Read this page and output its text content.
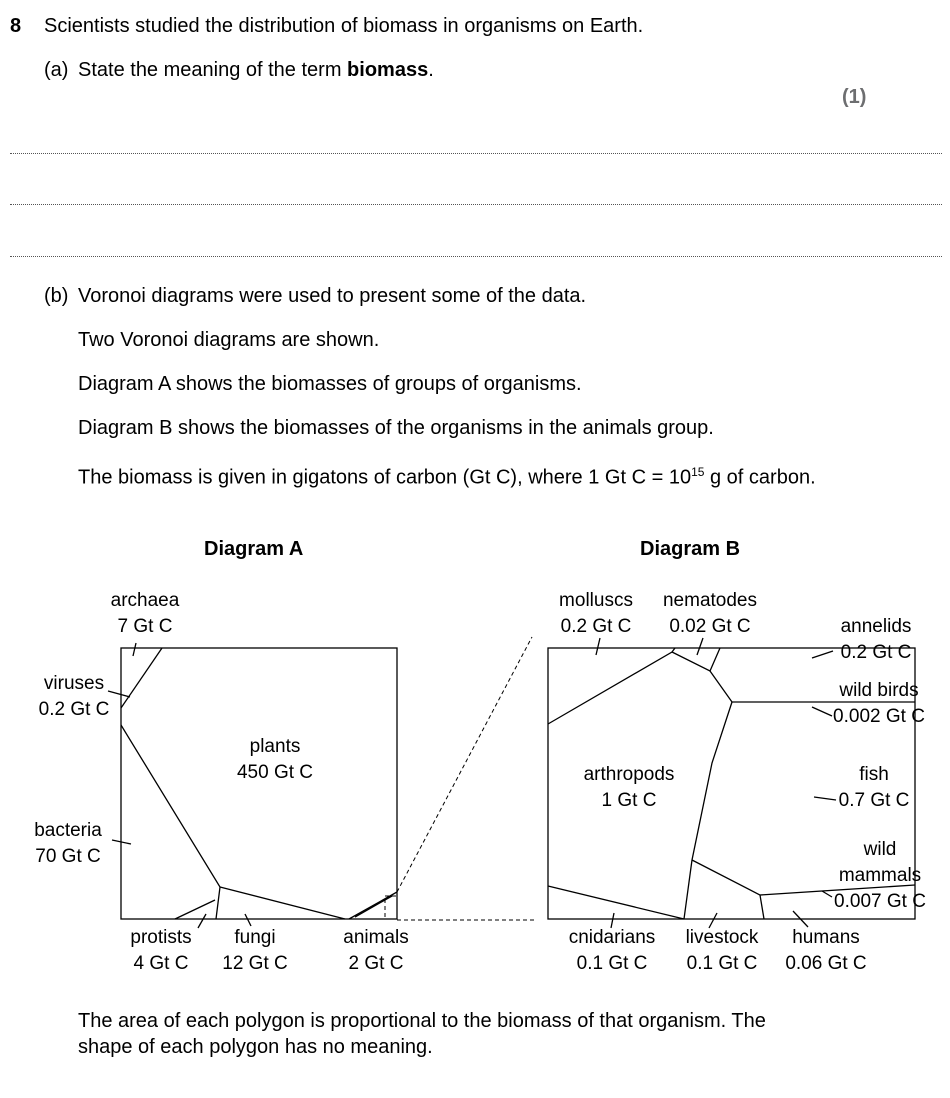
8 Scientists studied the distribution of biomass in organisms on Earth.
(a) State the meaning of the term biomass.
(1)
(b) Voronoi diagrams were used to present some of the data.
Two Voronoi diagrams are shown.
Diagram A shows the biomasses of groups of organisms.
Diagram B shows the biomasses of the organisms in the animals group.
The biomass is given in gigatons of carbon (Gt C), where 1 Gt $C = 10^{15}$ g of carbon.
Diagram A	Diagram B
archaea
7 Gt C
viruses
0.2 Gt C
plants
450 Gt C
bacteria
70 Gt C
protists
4 Gt C
fungi
12 Gt C
animals
2 Gt C
molluscs
0.2 Gt C
nematodes
0.02 Gt C	annelids
0.2 Gt C
wild birds
0.002 Gt C
arthropods
1 Gt C
fish
0.7 Gt C
wild
mammals
0.007 Gt C
cnidarians
0.1 Gt C
livestock
0.1 Gt C
humans
0.06 Gt C
The area of each polygon is proportional to the biomass of that organism. The
shape of each polygon has no meaning.
